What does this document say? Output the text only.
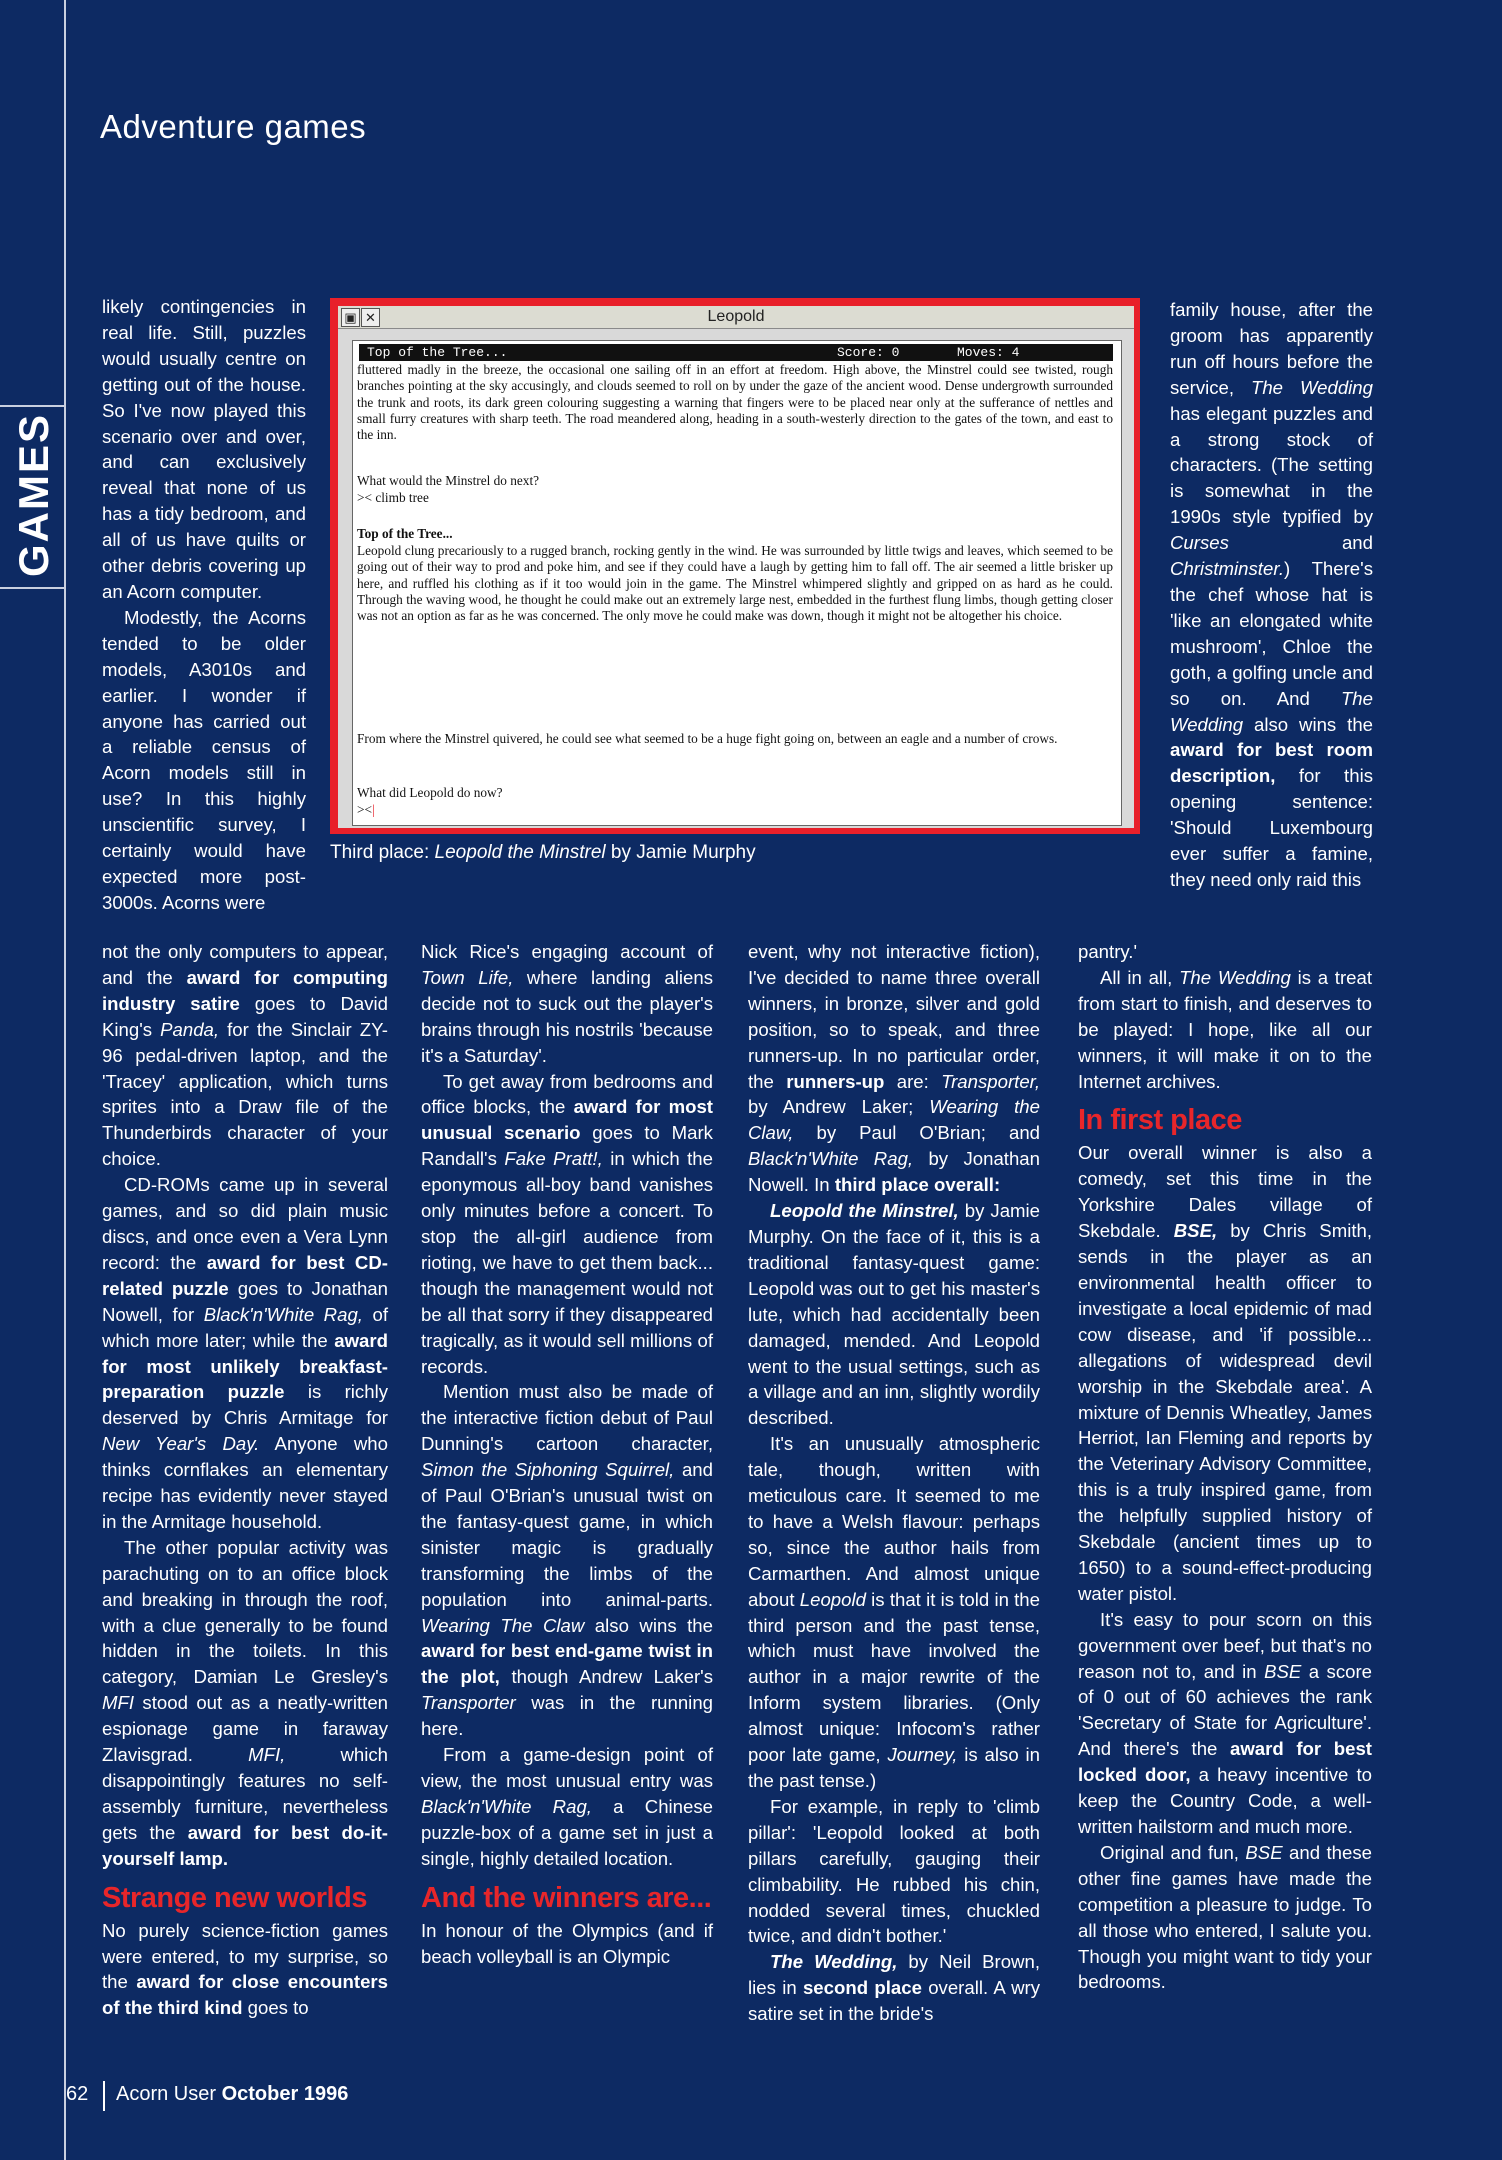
GAMES
Adventure games
▣ ✕	Leopold
Top of the Tree...	Score: 0	Moves: 4

fluttered madly in the breeze, the occasional one sailing off in an effort at freedom. High above, the Minstrel could see twisted, rough branches pointing at the sky accusingly, and clouds seemed to roll on by under the gaze of the ancient wood. Dense undergrowth surrounded the trunk and roots, its dark green colouring suggesting a warning that fingers were to be placed near only at the sufferance of nettles and small furry creatures with sharp teeth. The road meandered along, heading in a south-westerly direction to the gates of the town, and east to the inn.

What would the Minstrel do next?

>< climb tree

Top of the Tree...

Leopold clung precariously to a rugged branch, rocking gently in the wind. He was surrounded by little twigs and leaves, which seemed to be going out of their way to prod and poke him, and see if they could have a laugh by getting him to fall off. The air seemed a little brisker up here, and ruffled his clothing as if it too would join in the game. The Minstrel whimpered slightly and gripped on as hard as he could. Through the waving wood, he thought he could make out an extremely large nest, embedded in the furthest flung limbs, though getting closer was not an option as far as he was concerned. The only move he could make was down, though it might not be altogether his choice.

From where the Minstrel quivered, he could see what seemed to be a huge fight going on, between an eagle and a number of crows.

What did Leopold do now?

><|

Third place: Leopold the Minstrel by Jamie Murphy

likely contingencies in real life. Still, puzzles would usually centre on getting out of the house. So I've now played this scenario over and over, and can exclusively reveal that none of us has a tidy bedroom, and all of us have quilts or other debris covering up an Acorn computer.

Modestly, the Acorns tended to be older models, A3010s and earlier. I wonder if anyone has carried out a reliable census of Acorn models still in use? In this highly unscientific survey, I certainly would have expected more post-3000s. Acorns were

not the only computers to appear, and the award for computing industry satire goes to David King's Panda, for the Sinclair ZY-96 pedal-driven laptop, and the 'Tracey' application, which turns sprites into a Draw file of the Thunderbirds character of your choice.

CD-ROMs came up in several games, and so did plain music discs, and once even a Vera Lynn record: the award for best CD-related puzzle goes to Jonathan Nowell, for Black'n'White Rag, of which more later; while the award for most unlikely breakfast-preparation puzzle is richly deserved by Chris Armitage for New Year's Day. Anyone who thinks cornflakes an elementary recipe has evidently never stayed in the Armitage household.

The other popular activity was parachuting on to an office block and breaking in through the roof, with a clue generally to be found hidden in the toilets. In this category, Damian Le Gresley's MFI stood out as a neatly-written espionage game in faraway Zlavisgrad. MFI, which disappointingly features no self-assembly furniture, nevertheless gets the award for best do-it-yourself lamp.

Strange new worlds

No purely science-fiction games were entered, to my surprise, so the award for close encounters of the third kind goes to

Nick Rice's engaging account of Town Life, where landing aliens decide not to suck out the player's brains through his nostrils 'because it's a Saturday'.

To get away from bedrooms and office blocks, the award for most unusual scenario goes to Mark Randall's Fake Pratt!, in which the eponymous all-boy band vanishes only minutes before a concert. To stop the all-girl audience from rioting, we have to get them back... though the management would not be all that sorry if they disappeared tragically, as it would sell millions of records.

Mention must also be made of the interactive fiction debut of Paul Dunning's cartoon character, Simon the Siphoning Squirrel, and of Paul O'Brian's unusual twist on the fantasy-quest game, in which sinister magic is gradually transforming the limbs of the population into animal-parts. Wearing The Claw also wins the award for best end-game twist in the plot, though Andrew Laker's Transporter was in the running here.

From a game-design point of view, the most unusual entry was Black'n'White Rag, a Chinese puzzle-box of a game set in just a single, highly detailed location.

And the winners are...

In honour of the Olympics (and if beach volleyball is an Olympic

event, why not interactive fiction), I've decided to name three overall winners, in bronze, silver and gold position, so to speak, and three runners-up. In no particular order, the runners-up are: Transporter, by Andrew Laker; Wearing the Claw, by Paul O'Brian; and Black'n'White Rag, by Jonathan Nowell. In third place overall:

Leopold the Minstrel, by Jamie Murphy. On the face of it, this is a traditional fantasy-quest game: Leopold was out to get his master's lute, which had accidentally been damaged, mended. And Leopold went to the usual settings, such as a village and an inn, slightly wordily described.

It's an unusually atmospheric tale, though, written with meticulous care. It seemed to me to have a Welsh flavour: perhaps so, since the author hails from Carmarthen. And almost unique about Leopold is that it is told in the third person and the past tense, which must have involved the author in a major rewrite of the Inform system libraries. (Only almost unique: Infocom's rather poor late game, Journey, is also in the past tense.)

For example, in reply to 'climb pillar': 'Leopold looked at both pillars carefully, gauging their climbability. He rubbed his chin, nodded several times, chuckled twice, and didn't bother.'

The Wedding, by Neil Brown, lies in second place overall. A wry satire set in the bride's

family house, after the groom has apparently run off hours before the service, The Wedding has elegant puzzles and a strong stock of characters. (The setting is somewhat in the 1990s style typified by Curses and Christminster.) There's the chef whose hat is 'like an elongated white mushroom', Chloe the goth, a golfing uncle and so on. And The Wedding also wins the award for best room description, for this opening sentence: 'Should Luxembourg ever suffer a famine, they need only raid this

pantry.'

All in all, The Wedding is a treat from start to finish, and deserves to be played: I hope, like all our winners, it will make it on to the Internet archives.

In first place

Our overall winner is also a comedy, set this time in the Yorkshire Dales village of Skebdale. BSE, by Chris Smith, sends in the player as an environmental health officer to investigate a local epidemic of mad cow disease, and 'if possible... allegations of widespread devil worship in the Skebdale area'. A mixture of Dennis Wheatley, James Herriot, Ian Fleming and reports by the Veterinary Advisory Committee, this is a truly inspired game, from the helpfully supplied history of Skebdale (ancient times up to 1650) to a sound-effect-producing water pistol.

It's easy to pour scorn on this government over beef, but that's no reason not to, and in BSE a score of 0 out of 60 achieves the rank 'Secretary of State for Agriculture'. And there's the award for best locked door, a heavy incentive to keep the Country Code, a well-written hailstorm and much more.

Original and fun, BSE and these other fine games have made the competition a pleasure to judge. To all those who entered, I salute you. Though you might want to tidy your bedrooms.

62 Acorn User October 1996
